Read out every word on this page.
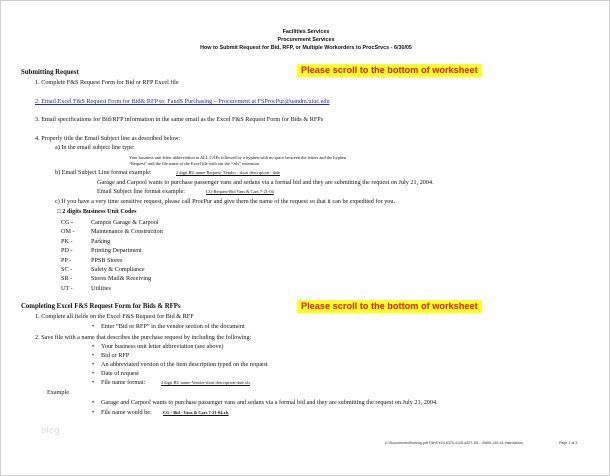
Facilities Services
Procurement Services
How to Submit Request for Bid, RFP, or Multiple Workorders to ProcSrvcs - 6/30/05
Submitting Request	Please scroll to the bottom of worksheet
1. Complete F&S Request Form for Bid or RFP Excel file
2. Email Excel F&S Request Form for Bid& RFP to: FandS Purchasing – Procurement at FSProcPur@uandm.uiuc.edu
3. Email specifications for Bid/RFP information in the same email as the Excel F&S Request Form for Bids & RFPs
4. Properly title the Email Subject line as described below:
a) In the email subject line type:
Your business unit letter abbreviation in ALL CAPs followed by a hyphen with no space between the letters and the hyphen
“Request” and the file name of the Excel file with out the “.xls” extension
b) Email Subject Line format example:	2 digit BU name-Request- Vendor - short description - date
Garage and Carpool wants to purchase passenger vans and sedans via a formal bid and they are submitting the request on July 21, 2004.
Email Subject line format example:	CG-Request-Bid Vans & Cars 7-21-04
c) If you have a very time sensitive request, please call ProcPur and give them the name of the request so that it can be expedited for you.
□ 2 digits Business Unit Codes
CG -	Campus Garage & Carpool
OM -	Maintenance & Construction
PK -	Parking
PD -	Printing Department
PP -	PPSB Stores
SC -	Safety & Compliance
SR -	Stores Mail& Receiving
UT -	Utilities
Completing Excel F&S Request Form for Bids & RFPs	Please scroll to the bottom of worksheet
1. Complete all fields on the Excel F&S Request for Bid & RFF
• Enter “Bid or RFP” in the vendor section of the document
2. Save file with a name that describes the purchase request by including the following:
• Your business unit letter abbreviation (see above)
• Bid or RFP
• An abbreviated version of the item description typed on the request
• Date of request
• File name format:	2 digit BU name-Vendor-short description-date.xls
Example
• Garage and Carpool wants to purchase passenger vans and sedans via a formal bid and they are submitting the request on July 21, 2004.
• File name would be:	CG - Bid - Vans & Cars 7-21-04.xls
blog
C:\Documents\Working.pdf File\f7e2d-6379-4128-a327-1f5…\9a59-149-18-Instructions	Page 1 of 3
